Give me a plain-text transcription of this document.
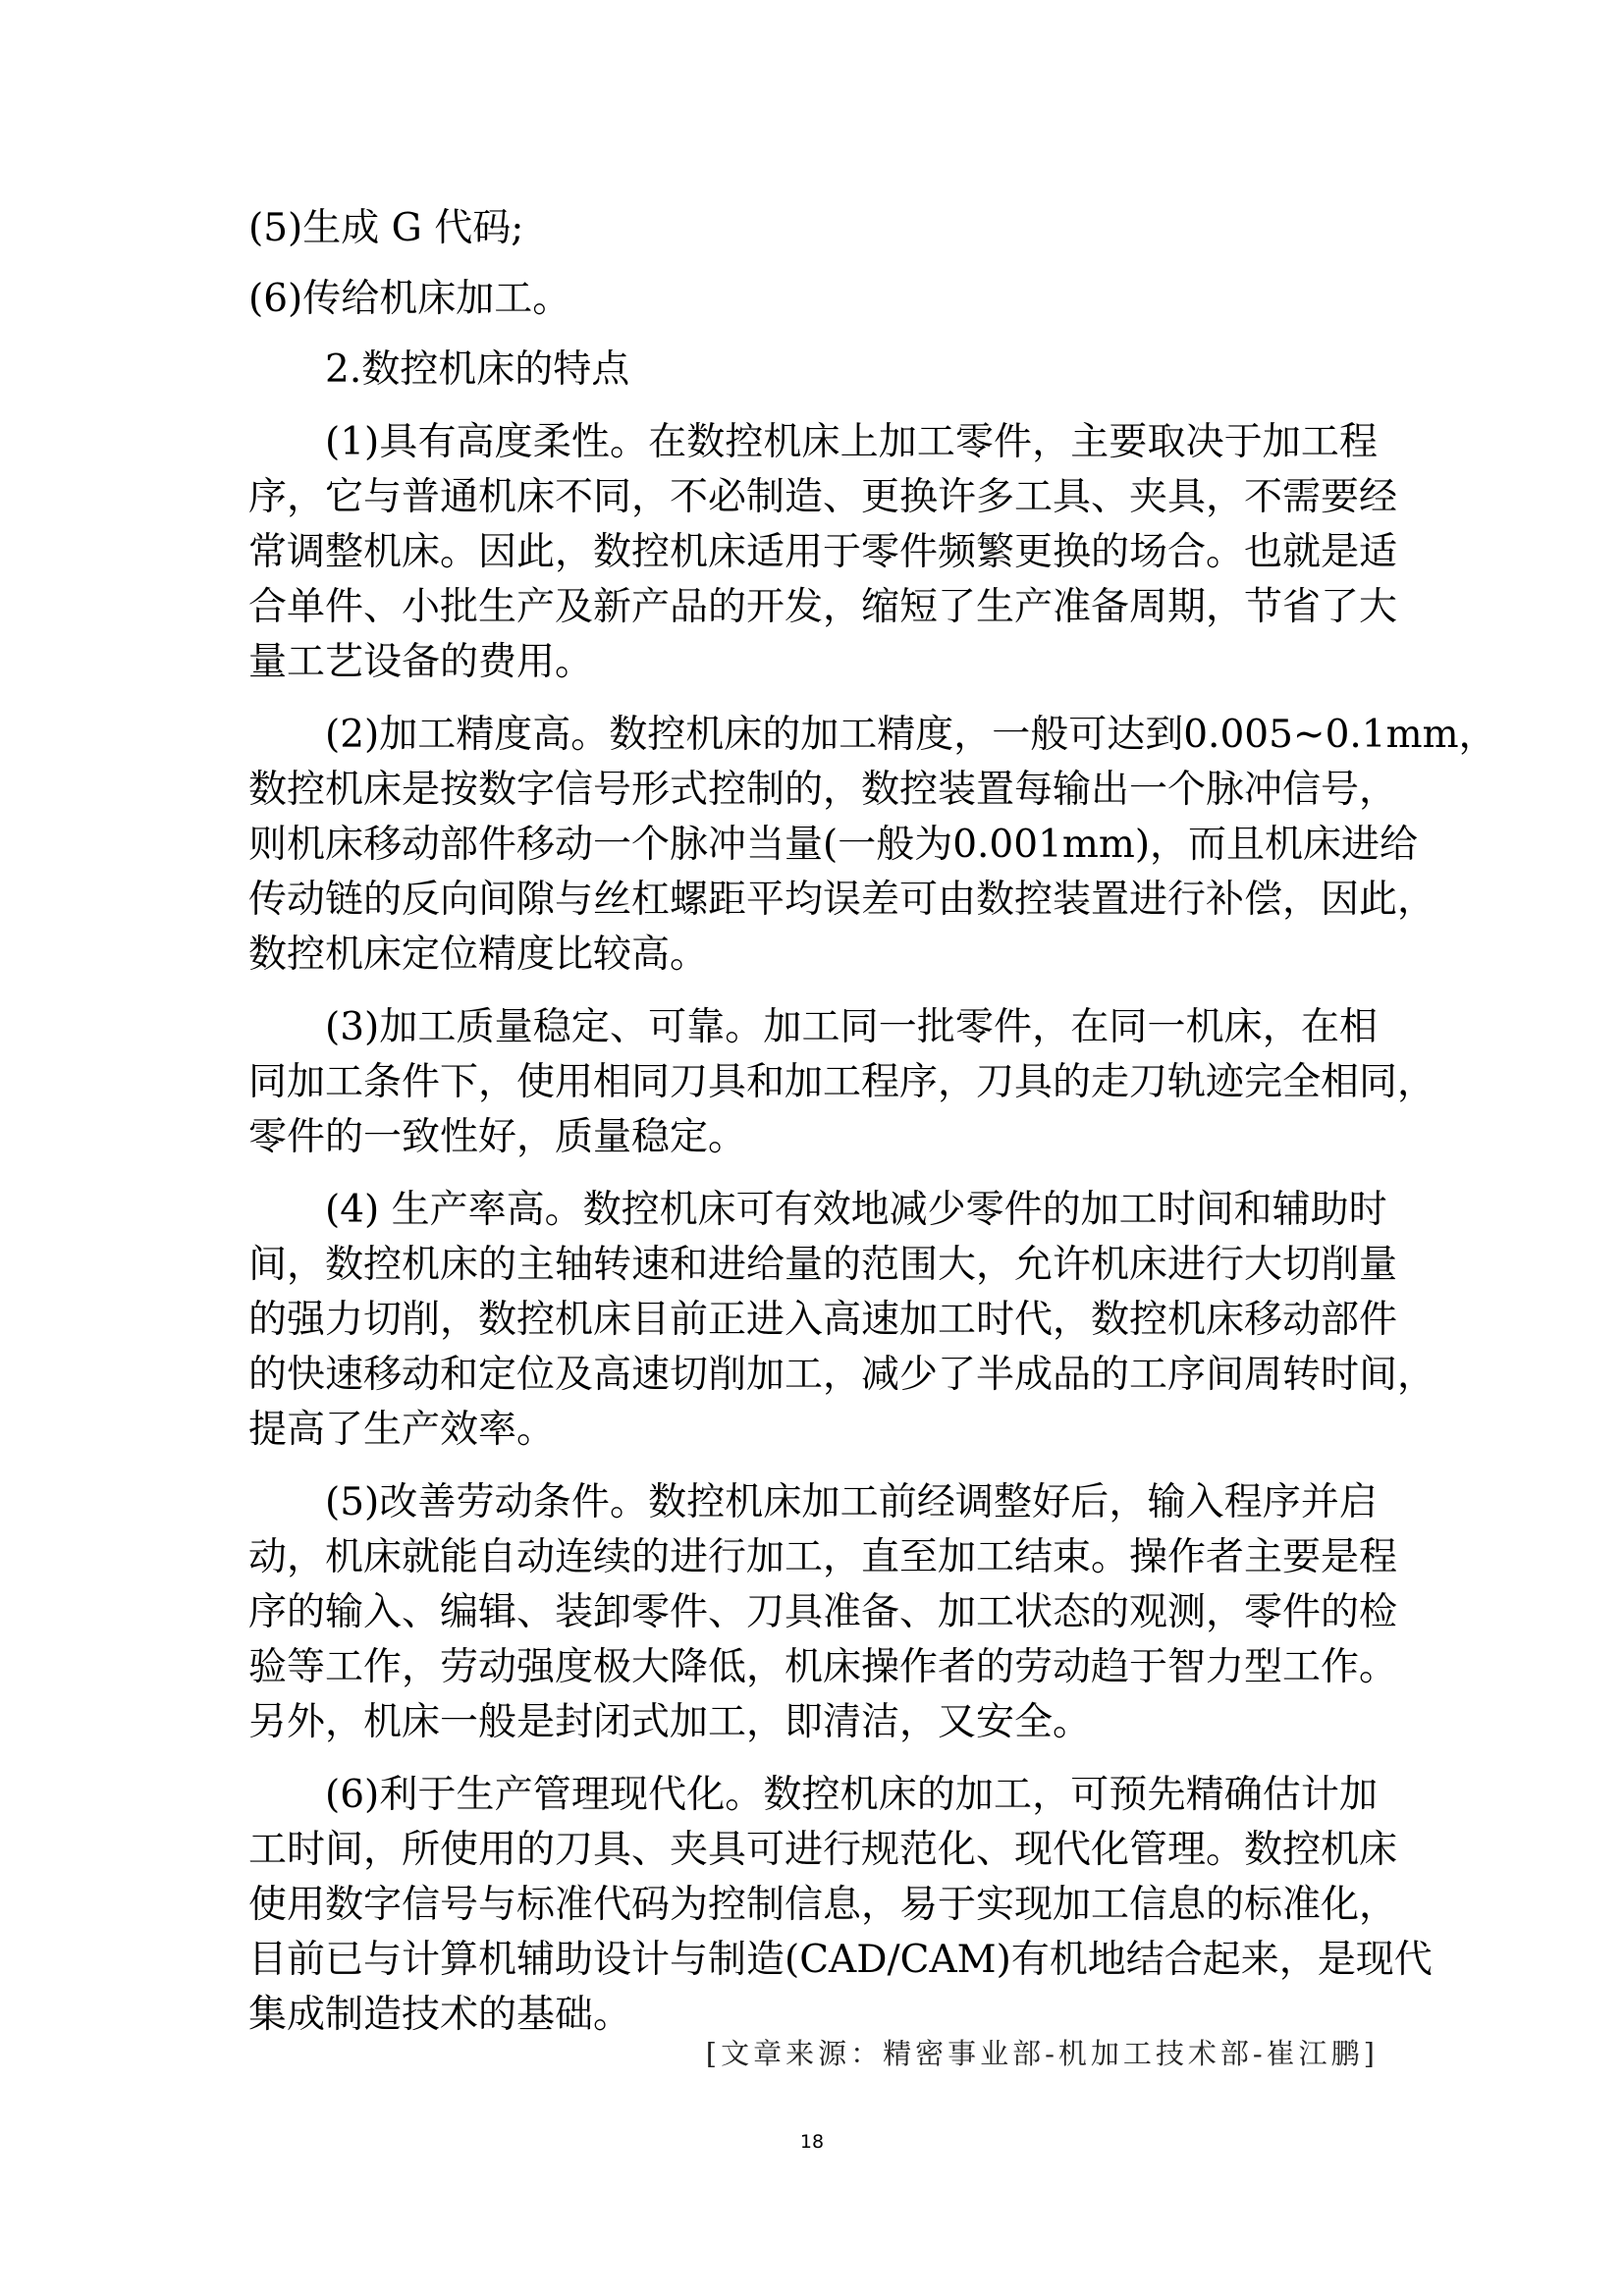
(5)生成 G 代码;
(6)传给机床加工。
2.数控机床的特点
(1)具有高度柔性。在数控机床上加工零件，主要取决于加工程
序，它与普通机床不同，不必制造、更换许多工具、夹具，不需要经
常调整机床。因此，数控机床适用于零件频繁更换的场合。也就是适
合单件、小批生产及新产品的开发，缩短了生产准备周期，节省了大
量工艺设备的费用。
(2)加工精度高。数控机床的加工精度，一般可达到0.005~0.1mm，
数控机床是按数字信号形式控制的，数控装置每输出一个脉冲信号，
则机床移动部件移动一个脉冲当量(一般为0.001mm)，而且机床进给
传动链的反向间隙与丝杠螺距平均误差可由数控装置进行补偿，因此，
数控机床定位精度比较高。
(3)加工质量稳定、可靠。加工同一批零件，在同一机床，在相
同加工条件下，使用相同刀具和加工程序，刀具的走刀轨迹完全相同，
零件的一致性好，质量稳定。
(4) 生产率高。数控机床可有效地减少零件的加工时间和辅助时
间，数控机床的主轴转速和进给量的范围大，允许机床进行大切削量
的强力切削，数控机床目前正进入高速加工时代，数控机床移动部件
的快速移动和定位及高速切削加工，减少了半成品的工序间周转时间，
提高了生产效率。
(5)改善劳动条件。数控机床加工前经调整好后，输入程序并启
动，机床就能自动连续的进行加工，直至加工结束。操作者主要是程
序的输入、编辑、装卸零件、刀具准备、加工状态的观测，零件的检
验等工作，劳动强度极大降低，机床操作者的劳动趋于智力型工作。
另外，机床一般是封闭式加工，即清洁，又安全。
(6)利于生产管理现代化。数控机床的加工，可预先精确估计加
工时间，所使用的刀具、夹具可进行规范化、现代化管理。数控机床
使用数字信号与标准代码为控制信息，易于实现加工信息的标准化，
目前已与计算机辅助设计与制造(CAD/CAM)有机地结合起来，是现代
集成制造技术的基础。
[文章来源：精密事业部-机加工技术部-崔江鹏]
18
